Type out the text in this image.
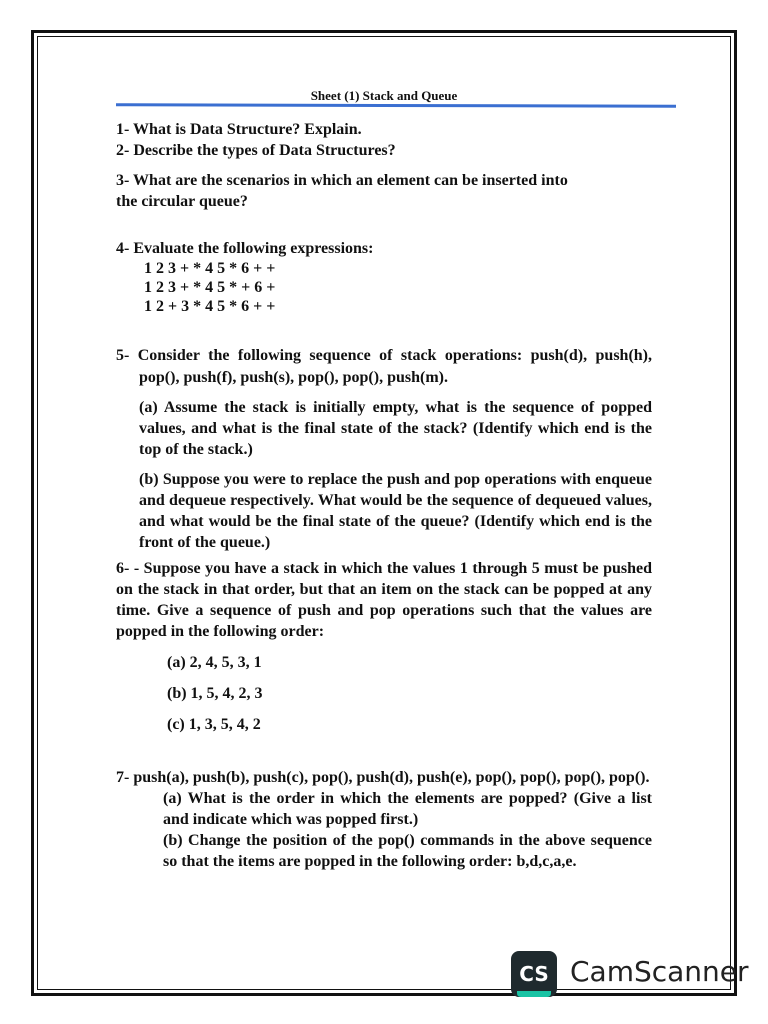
Sheet (1) Stack and Queue

1- What is Data Structure? Explain.

2- Describe the types of Data Structures?

3- What are the scenarios in which an element can be inserted into

the circular queue?

4- Evaluate the following expressions:

1 2 3 + * 4 5 * 6 + +

1 2 3 + * 4 5 * + 6 +

1 2 + 3 * 4 5 * 6 + +

5- Consider the following sequence of stack operations: push(d), push(h), pop(), push(f), push(s), pop(), pop(), push(m).

(a) Assume the stack is initially empty, what is the sequence of popped values, and what is the final state of the stack? (Identify which end is the top of the stack.)

(b) Suppose you were to replace the push and pop operations with enqueue and dequeue respectively. What would be the sequence of dequeued values, and what would be the final state of the queue? (Identify which end is the front of the queue.)

6- - Suppose you have a stack in which the values 1 through 5 must be pushed on the stack in that order, but that an item on the stack can be popped at any time. Give a sequence of push and pop operations such that the values are popped in the following order:

(a) 2, 4, 5, 3, 1

(b) 1, 5, 4, 2, 3

(c) 1, 3, 5, 4, 2

7- push(a), push(b), push(c), pop(), push(d), push(e), pop(), pop(), pop(), pop().

(a) What is the order in which the elements are popped? (Give a list and indicate which was popped first.)

(b) Change the position of the pop() commands in the above sequence so that the items are popped in the following order: b,d,c,a,e.

CS CamScanner
